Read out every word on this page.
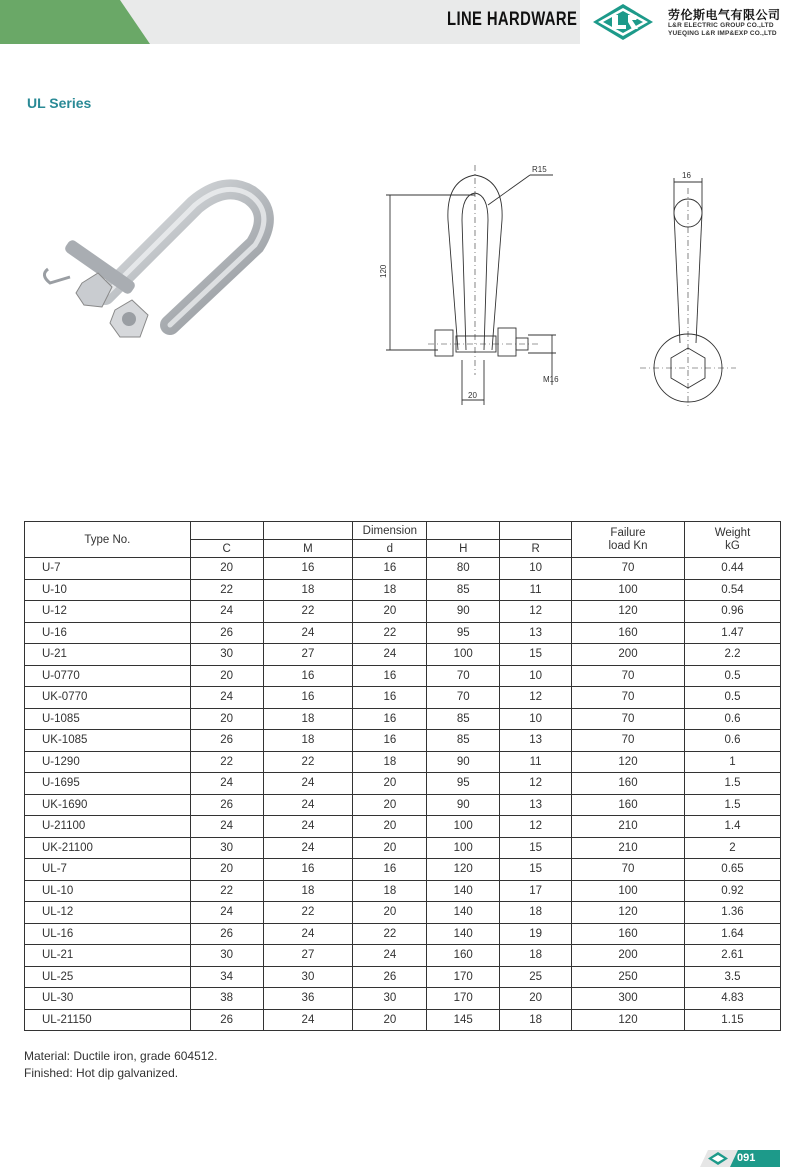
LINE HARDWARE	劳伦斯电气有限公司
L&R ELECTRIC GROUP CO.,LTD
YUEQING L&R IMP&EXP CO.,LTD
UL Series
R15
120
20
M16
16
Type No.			Dimension			Failure load Kn	Weight kG
	C	M	d	H	R		
U-7	20	16	16	80	10	70	0.44
U-10	22	18	18	85	11	100	0.54
U-12	24	22	20	90	12	120	0.96
U-16	26	24	22	95	13	160	1.47
U-21	30	27	24	100	15	200	2.2
U-0770	20	16	16	70	10	70	0.5
UK-0770	24	16	16	70	12	70	0.5
U-1085	20	18	16	85	10	70	0.6
UK-1085	26	18	16	85	13	70	0.6
U-1290	22	22	18	90	11	120	1
U-1695	24	24	20	95	12	160	1.5
UK-1690	26	24	20	90	13	160	1.5
U-21100	24	24	20	100	12	210	1.4
UK-21100	30	24	20	100	15	210	2
UL-7	20	16	16	120	15	70	0.65
UL-10	22	18	18	140	17	100	0.92
UL-12	24	22	20	140	18	120	1.36
UL-16	26	24	22	140	19	160	1.64
UL-21	30	27	24	160	18	200	2.61
UL-25	34	30	26	170	25	250	3.5
UL-30	38	36	30	170	20	300	4.83
UL-21150	26	24	20	145	18	120	1.15
Material: Ductile iron, grade 604512.
Finished: Hot dip galvanized.
091
